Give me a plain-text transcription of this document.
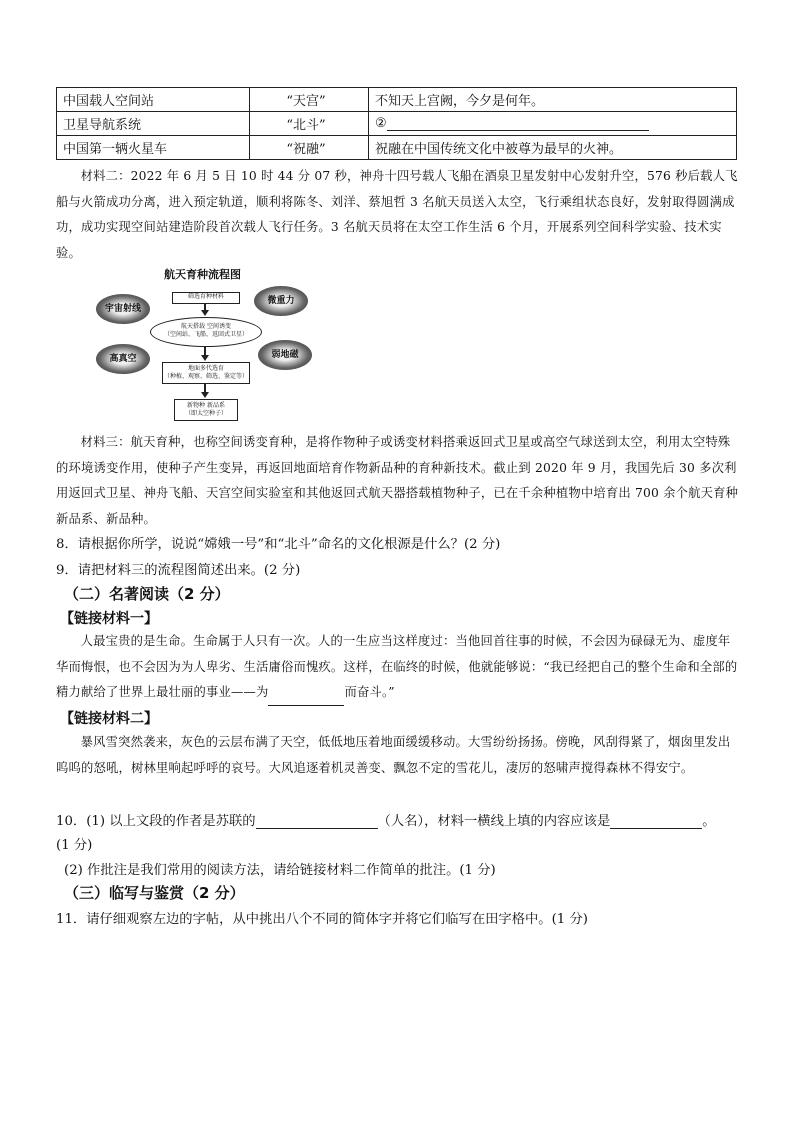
中国载人空间站	“天宫”	不知天上宫阙，今夕是何年。
卫星导航系统	“北斗”	②
中国第一辆火星车	“祝融”	祝融在中国传统文化中被尊为最早的火神。
材料二：2022 年 6 月 5 日 10 时 44 分 07 秒，神舟十四号载人飞船在酒泉卫星发射中心发射升空，576 秒后载人飞船与火箭成功分离，进入预定轨道，顺利将陈冬、刘洋、蔡旭哲 3 名航天员送入太空，飞行乘组状态良好，发射取得圆满成功，成功实现空间站建造阶段首次载人飞行任务。3 名航天员将在太空工作生活 6 个月，开展系列空间科学实验、技术实验。
航天育种流程图
筛选育种材料
航天搭载 空间诱变
（空间站、飞船、返回式卫星）
地面多代选育
（种植、观察、筛选、鉴定等）
新物种 新品系
（即太空种子）
宇宙射线
微重力
高真空	弱地磁
材料三：航天育种，也称空间诱变育种，是将作物种子或诱变材料搭乘返回式卫星或高空气球送到太空，利用太空特殊的环境诱变作用，使种子产生变异，再返回地面培育作物新品种的育种新技术。截止到 2020 年 9 月，我国先后 30 多次利用返回式卫星、神舟飞船、天宫空间实验室和其他返回式航天器搭载植物种子，已在千余种植物中培育出 700 余个航天育种新品系、新品种。
8．请根据你所学，说说“嫦娥一号”和“北斗”命名的文化根源是什么？(2 分)
9．请把材料三的流程图简述出来。(2 分)
（二）名著阅读（2 分）
【链接材料一】
人最宝贵的是生命。生命属于人只有一次。人的一生应当这样度过：当他回首往事的时候，不会因为碌碌无为、虚度年华而悔恨，也不会因为为人卑劣、生活庸俗而愧疚。这样，在临终的时候，他就能够说：“我已经把自己的整个生命和全部的精力献给了世界上最壮丽的事业——为	而奋斗。”
【链接材料二】
暴风雪突然袭来，灰色的云层布满了天空，低低地压着地面缓缓移动。大雪纷纷扬扬。傍晚，风刮得紧了，烟囱里发出呜呜的怒吼，树林里响起呼呼的哀号。大风追逐着机灵善变、飘忽不定的雪花儿，凄厉的怒啸声搅得森林不得安宁。
10．(1) 以上文段的作者是苏联的	（人名），材料一横线上填的内容应该是	。
(1 分)
(2) 作批注是我们常用的阅读方法，请给链接材料二作简单的批注。(1 分)
（三）临写与鉴赏（2 分）
11．请仔细观察左边的字帖，从中挑出八个不同的简体字并将它们临写在田字格中。(1 分)
